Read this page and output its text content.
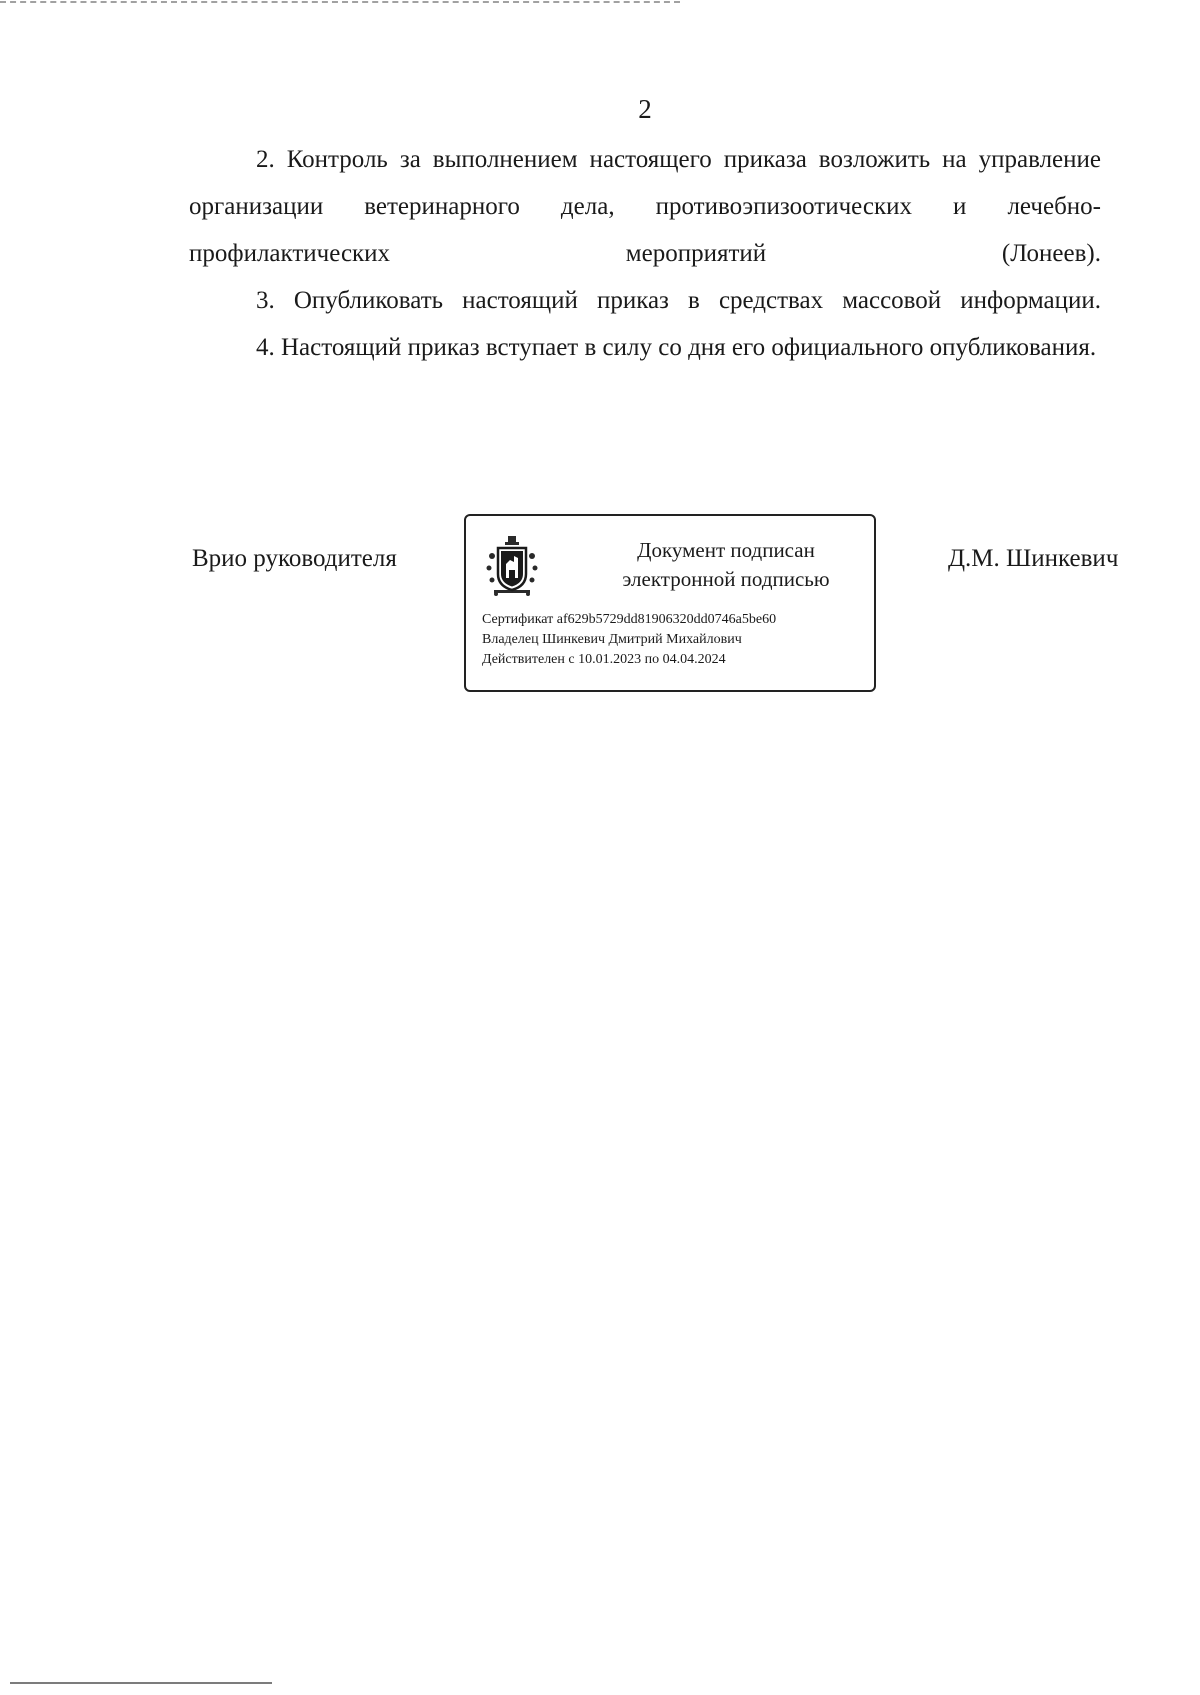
2

2. Контроль за выполнением настоящего приказа возложить на управление организации ветеринарного дела, противоэпизоотических и лечебно-профилактических мероприятий (Лонеев).

3. Опубликовать настоящий приказ в средствах массовой информации.

4. Настоящий приказ вступает в силу со дня его официального опубликования.

Врио руководителя	Документ подписан
электронной подписью
Сертификат af629b5729dd81906320dd0746a5be60
Владелец Шинкевич Дмитрий Михайлович
Действителен с 10.01.2023 по 04.04.2024
Д.М. Шинкевич
